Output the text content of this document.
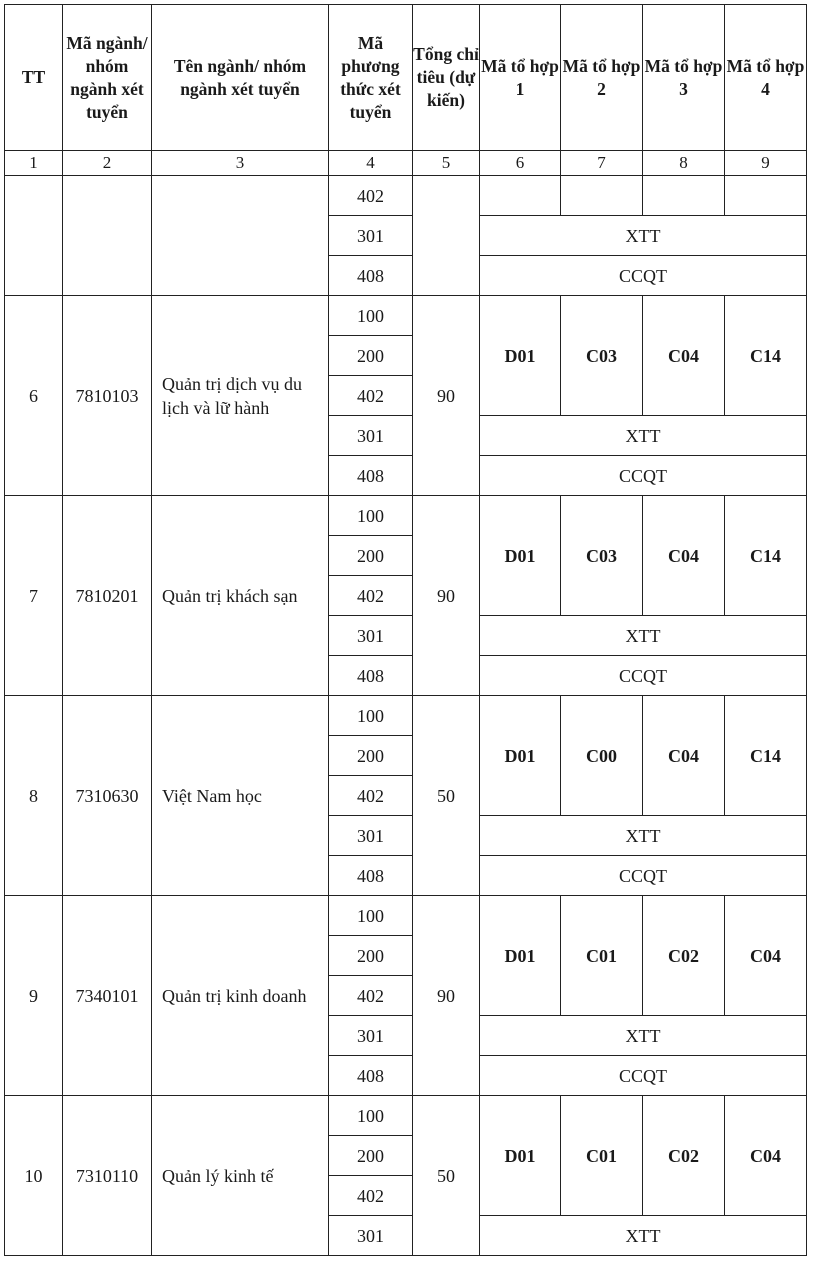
TT	Mã ngành/ nhóm ngành xét tuyển	Tên ngành/ nhóm ngành xét tuyển	Mã phương thức xét tuyển	Tổng chỉ tiêu (dự kiến)	Mã tổ hợp 1	Mã tổ hợp 2	Mã tổ hợp 3	Mã tổ hợp 4
1	2	3	4	5	6	7	8	9
			402					
			301		XTT			
			408		CCQT			
6	7810103	Quản trị dịch vụ du lịch và lữ hành	100	90	D01	C03	C04	C14
			200					
			402					
			301		XTT			
			408		CCQT			
7	7810201	Quản trị khách sạn	100	90	D01	C03	C04	C14
			200					
			402					
			301		XTT			
			408		CCQT			
8	7310630	Việt Nam học	100	50	D01	C00	C04	C14
			200					
			402					
			301		XTT			
			408		CCQT			
9	7340101	Quản trị kinh doanh	100	90	D01	C01	C02	C04
			200					
			402					
			301		XTT			
			408		CCQT			
10	7310110	Quản lý kinh tế	100	50	D01	C01	C02	C04
			200					
			402					
			301		XTT			
